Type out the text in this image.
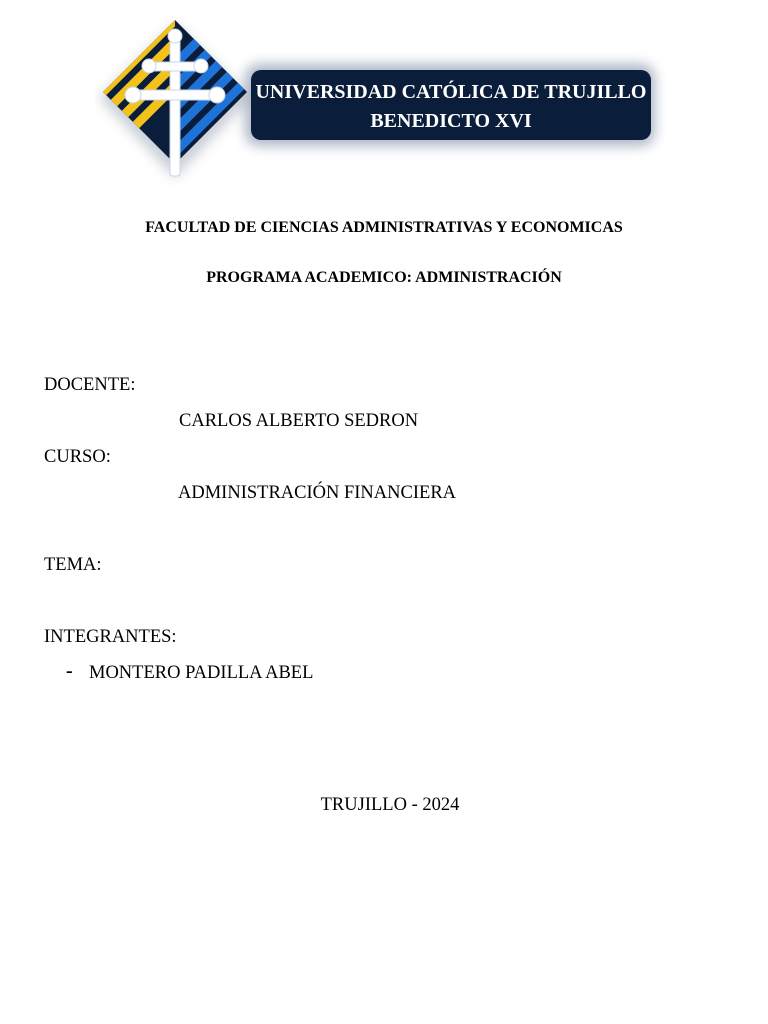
UNIVERSIDAD CATÓLICA DE TRUJILLO
BENEDICTO XVI
FACULTAD DE CIENCIAS ADMINISTRATIVAS Y ECONOMICAS
PROGRAMA ACADEMICO: ADMINISTRACIÓN
DOCENTE:
CARLOS ALBERTO SEDRON
CURSO:
ADMINISTRACIÓN FINANCIERA
TEMA:
INTEGRANTES:
- MONTERO PADILLA ABEL
TRUJILLO - 2024
